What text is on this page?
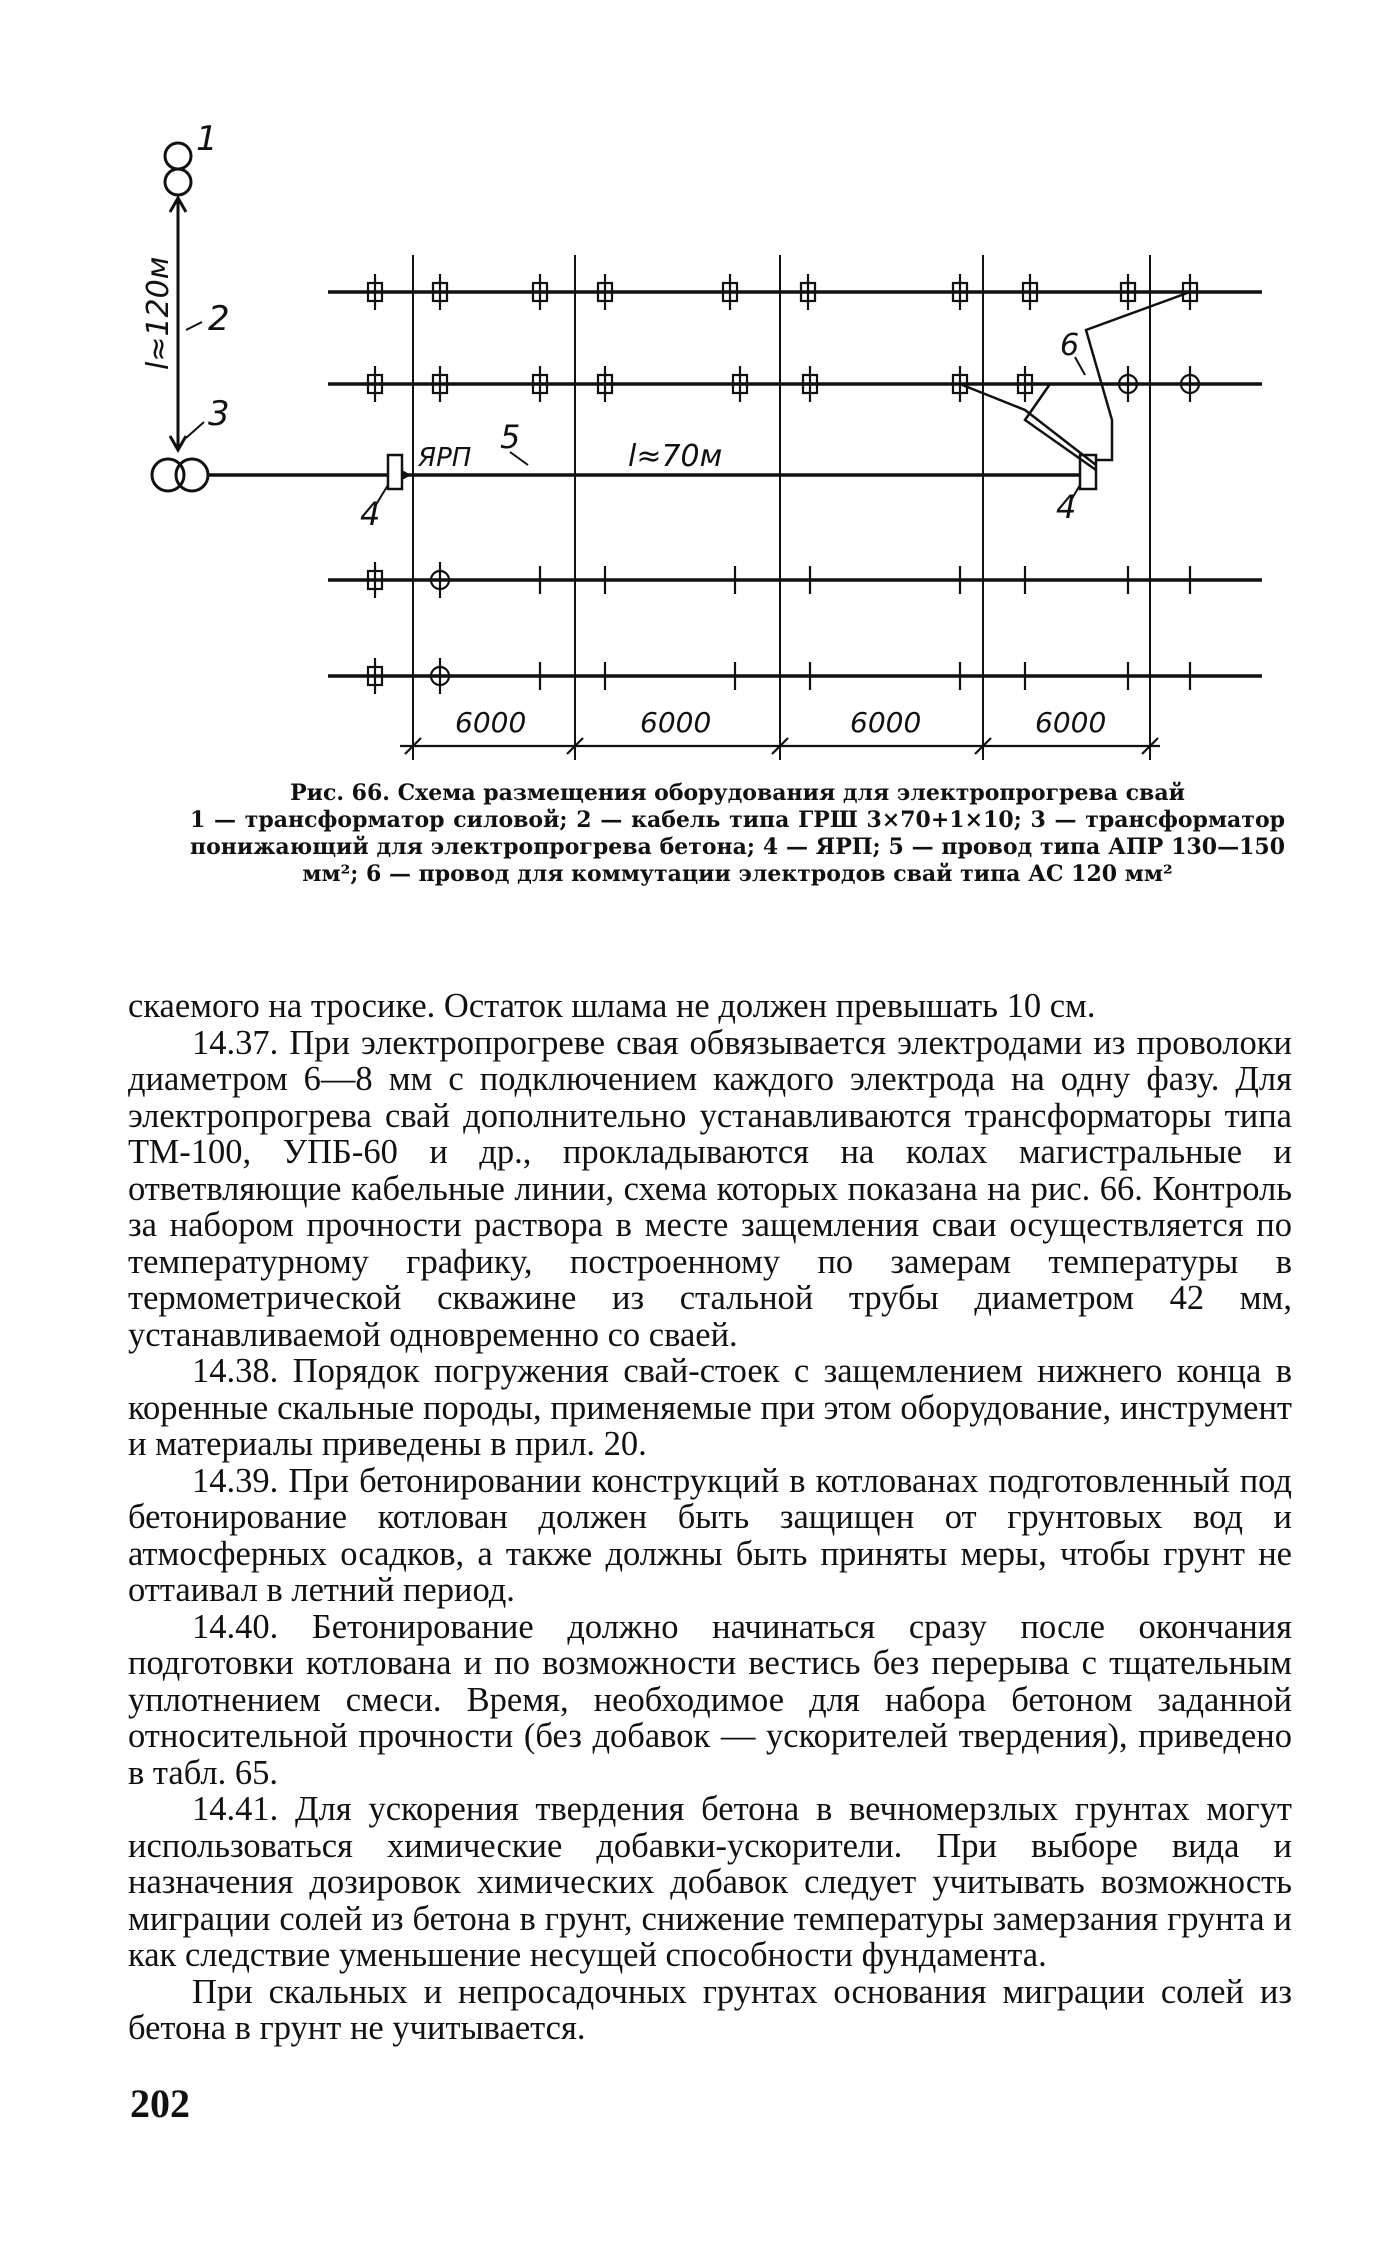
1
2
3
4	4
5
6
l≈120м
ЯРП	l≈70м
6000	6000	6000	6000
Рис. 66. Схема размещения оборудования для электропрогрева свай
1 — трансформатор силовой; 2 — кабель типа ГРШ 3×70+1×10; 3 — трансформатор понижающий для электропрогрева бетона; 4 — ЯРП; 5 — провод типа АПР 130—150 мм²; 6 — провод для коммутации электродов свай типа АС 120 мм²

скаемого на тросике. Остаток шлама не должен превышать 10 см.

14.37. При электропрогреве свая обвязывается электродами из проволоки диаметром 6—8 мм с подключением каждого электрода на одну фазу. Для электропрогрева свай дополнительно устанавливаются трансформаторы типа ТМ-100, УПБ-60 и др., прокладываются на колах магистральные и ответвляющие кабельные линии, схема которых показана на рис. 66. Контроль за набором прочности раствора в месте защемления сваи осуществляется по температурному графику, построенному по замерам температуры в термометрической скважине из стальной трубы диаметром 42 мм, устанавливаемой одновременно со сваей.

14.38. Порядок погружения свай-стоек с защемлением нижнего конца в коренные скальные породы, применяемые при этом оборудование, инструмент и материалы приведены в прил. 20.

14.39. При бетонировании конструкций в котлованах подготовленный под бетонирование котлован должен быть защищен от грунтовых вод и атмосферных осадков, а также должны быть приняты меры, чтобы грунт не оттаивал в летний период.

14.40. Бетонирование должно начинаться сразу после окончания подготовки котлована и по возможности вестись без перерыва с тщательным уплотнением смеси. Время, необходимое для набора бетоном заданной относительной прочности (без добавок — ускорителей твердения), приведено в табл. 65.

14.41. Для ускорения твердения бетона в вечномерзлых грунтах могут использоваться химические добавки-ускорители. При выборе вида и назначения дозировок химических добавок следует учитывать возможность миграции солей из бетона в грунт, снижение температуры замерзания грунта и как следствие уменьшение несущей способности фундамента.

При скальных и непросадочных грунтах основания миграции солей из бетона в грунт не учитывается.

202
